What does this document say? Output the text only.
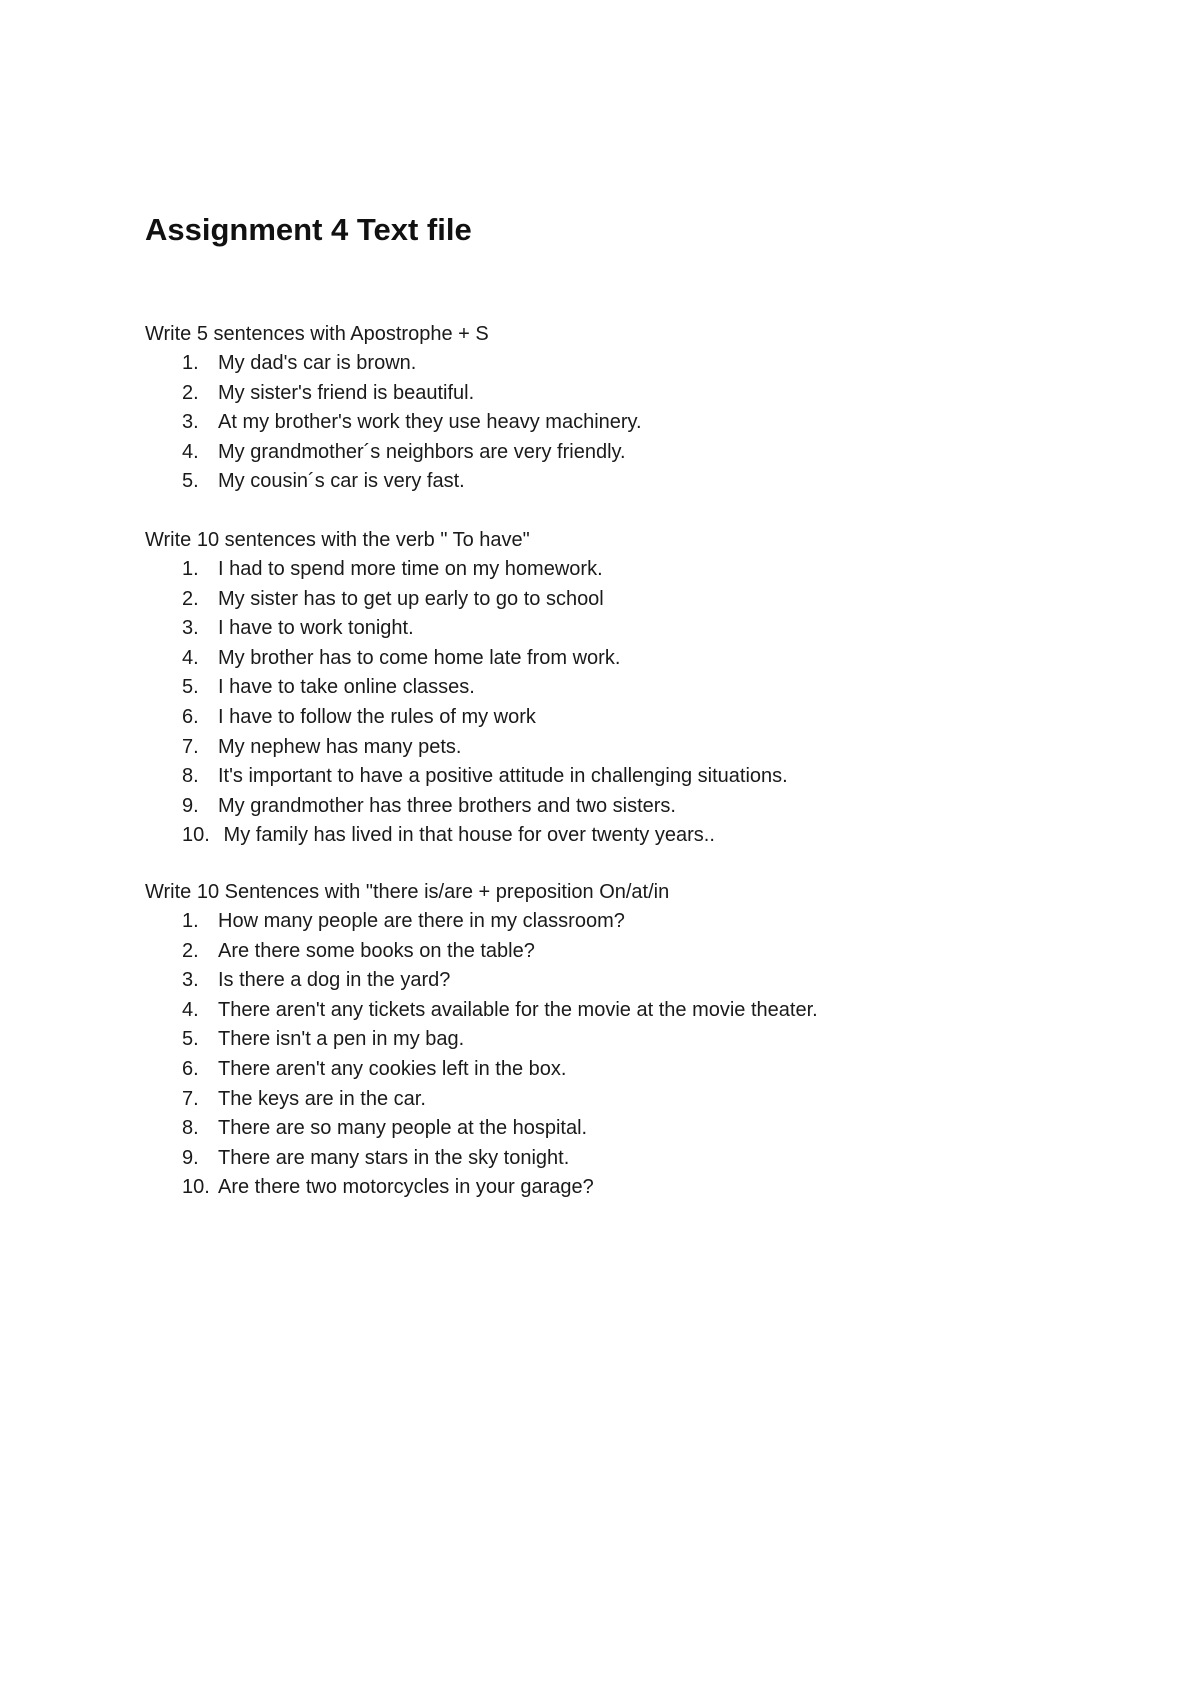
Assignment 4 Text file
Write 5 sentences with Apostrophe + S
1. My dad's car is brown.
2. My sister's friend is beautiful.
3. At my brother's work they use heavy machinery.
4. My grandmother´s neighbors are very friendly.
5. My cousin´s car is very fast.
Write 10 sentences with the verb " To have"
1. I had to spend more time on my homework.
2. My sister has to get up early to go to school
3. I have to work tonight.
4. My brother has to come home late from work.
5. I have to take online classes.
6. I have to follow the rules of my work
7. My nephew has many pets.
8. It's important to have a positive attitude in challenging situations.
9. My grandmother has three brothers and two sisters.
10. My family has lived in that house for over twenty years..
Write 10 Sentences with "there is/are + preposition On/at/in
1. How many people are there in my classroom?
2. Are there some books on the table?
3. Is there a dog in the yard?
4. There aren't any tickets available for the movie at the movie theater.
5. There isn't a pen in my bag.
6. There aren't any cookies left in the box.
7. The keys are in the car.
8. There are so many people at the hospital.
9. There are many stars in the sky tonight.
10. Are there two motorcycles in your garage?
